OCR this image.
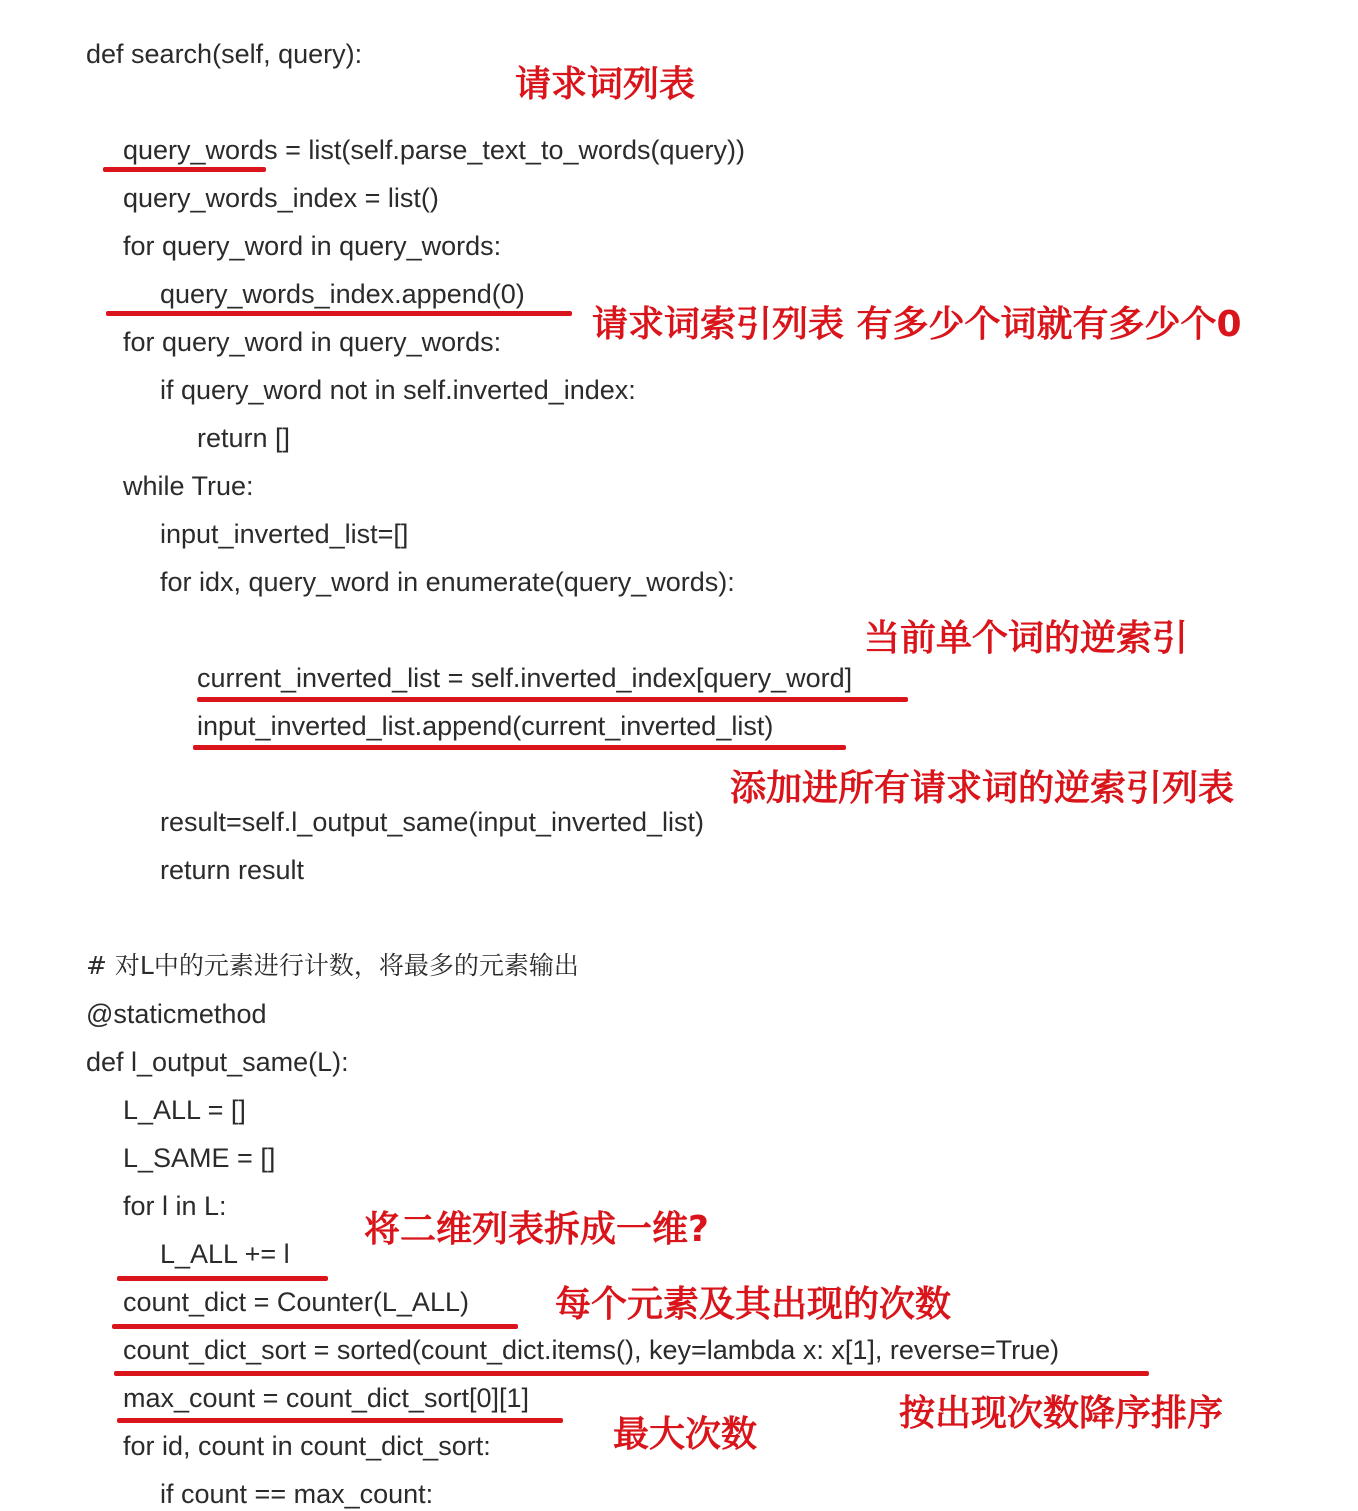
def search(self, query):
query_words = list(self.parse_text_to_words(query))
query_words_index = list()
for query_word in query_words:
query_words_index.append(0)
for query_word in query_words:
if query_word not in self.inverted_index:
return []
while True:
input_inverted_list=[]
for idx, query_word in enumerate(query_words):
current_inverted_list = self.inverted_index[query_word]
input_inverted_list.append(current_inverted_list)
result=self.l_output_same(input_inverted_list)
return result
# 对L中的元素进行计数，将最多的元素输出
@staticmethod
def l_output_same(L):
L_ALL = []
L_SAME = []
for l in L:
L_ALL += l
count_dict = Counter(L_ALL)
count_dict_sort = sorted(count_dict.items(), key=lambda x: x[1], reverse=True)
max_count = count_dict_sort[0][1]
for id, count in count_dict_sort:
if count == max_count:
请求词列表
请求词索引列表 有多少个词就有多少个0
当前单个词的逆索引
添加进所有请求词的逆索引列表
将二维列表拆成一维?
每个元素及其出现的次数
按出现次数降序排序
最大次数
